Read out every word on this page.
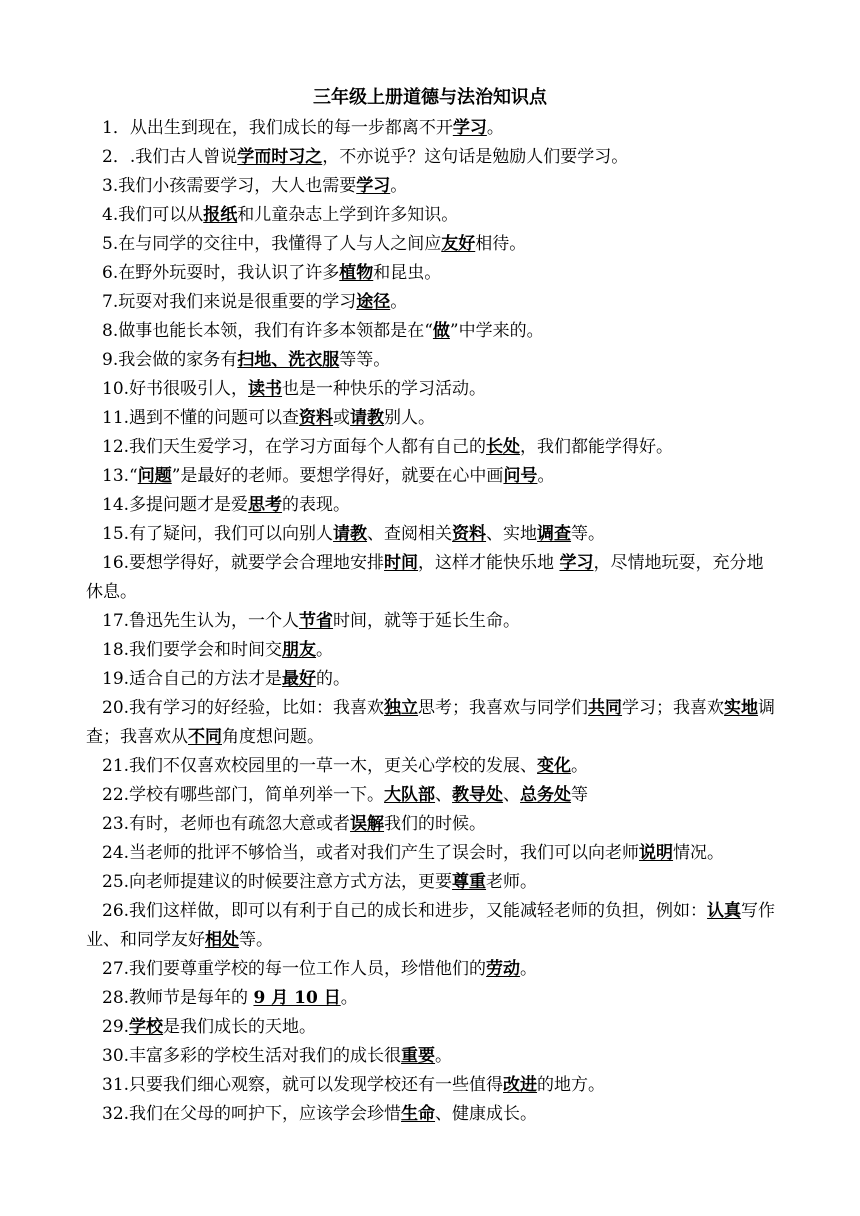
三年级上册道德与法治知识点

1．从出生到现在，我们成长的每一步都离不开学习。

2．.我们古人曾说学而时习之，不亦说乎？这句话是勉励人们要学习。

3.我们小孩需要学习，大人也需要学习。

4.我们可以从报纸和儿童杂志上学到许多知识。

5.在与同学的交往中，我懂得了人与人之间应友好相待。

6.在野外玩耍时，我认识了许多植物和昆虫。

7.玩耍对我们来说是很重要的学习途径。

8.做事也能长本领，我们有许多本领都是在“做”中学来的。

9.我会做的家务有扫地、洗衣服等等。

10.好书很吸引人，读书也是一种快乐的学习活动。

11.遇到不懂的问题可以查资料或请教别人。

12.我们天生爱学习，在学习方面每个人都有自己的长处，我们都能学得好。

13.“问题”是最好的老师。要想学得好，就要在心中画问号。

14.多提问题才是爱思考的表现。

15.有了疑问，我们可以向别人请教、查阅相关资料、实地调查等。

16.要想学得好，就要学会合理地安排时间，这样才能快乐地 学习，尽情地玩耍，充分地休息。

17.鲁迅先生认为，一个人节省时间，就等于延长生命。

18.我们要学会和时间交朋友。

19.适合自己的方法才是最好的。

20.我有学习的好经验，比如：我喜欢独立思考；我喜欢与同学们共同学习；我喜欢实地调查；我喜欢从不同角度想问题。

21.我们不仅喜欢校园里的一草一木，更关心学校的发展、变化。

22.学校有哪些部门，简单列举一下。大队部、教导处、总务处等

23.有时，老师也有疏忽大意或者误解我们的时候。

24.当老师的批评不够恰当，或者对我们产生了误会时，我们可以向老师说明情况。

25.向老师提建议的时候要注意方式方法，更要尊重老师。

26.我们这样做，即可以有利于自己的成长和进步，又能减轻老师的负担，例如：认真写作业、和同学友好相处等。

27.我们要尊重学校的每一位工作人员，珍惜他们的劳动。

28.教师节是每年的 9 月 10 日。

29.学校是我们成长的天地。

30.丰富多彩的学校生活对我们的成长很重要。

31.只要我们细心观察，就可以发现学校还有一些值得改进的地方。

32.我们在父母的呵护下，应该学会珍惜生命、健康成长。
